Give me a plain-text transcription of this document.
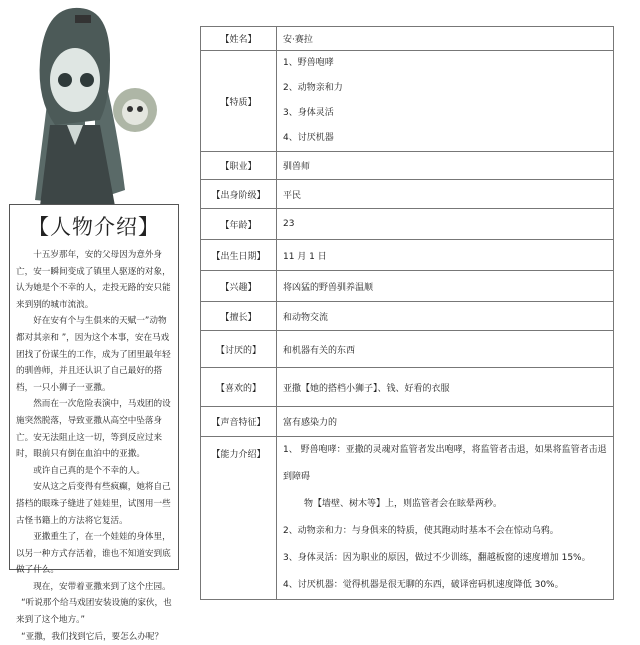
【人物介绍】

十五岁那年，安的父母因为意外身亡，安一瞬间变成了镇里人驱逐的对象，认为她是个不幸的人，走投无路的安只能来到别的城市流浪。

好在安有个与生俱来的天赋一”动物都对其亲和 ”，因为这个本事，安在马戏团找了份谋生的工作，成为了团里最年轻的驯兽师，并且还认识了自己最好的搭档，一只小狮子一亚撒。

然而在一次危险表演中，马戏团的设施突然脱落，导致亚撒从高空中坠落身亡。安无法阻止这一切，等到反应过来时，眼前只有倒在血泊中的亚撒。

或许自己真的是个不幸的人。

安从这之后变得有些疯癫，她将自己搭档的眼珠子缝进了娃娃里，试图用一些古怪书籍上的方法将它复活。

亚撒重生了，在一个娃娃的身体里，以另一种方式存活着，谁也不知道安到底做了什么。

现在，安带着亚撒来到了这个庄园。

“听说那个给马戏团安装设施的家伙，也来到了这个地方。”

“亚撒，我们找到它后，要怎么办呢？

【姓名】	安·赛拉
【特质】	1、野兽咆哮
2、动物亲和力
3、身体灵活
4、讨厌机器

【职业】	驯兽师
【出身阶级】	平民
【年龄】	23
【出生日期】	11 月 1 日
【兴趣】	将凶猛的野兽驯养温顺
【擅长】	和动物交流
【讨厌的】	和机器有关的东西
【喜欢的】	亚撒【她的搭档小狮子】、钱、好看的衣服
【声音特征】	富有感染力的
【能力介绍】	1、 野兽咆哮：亚撒的灵魂对监管者发出咆哮，将监管者击退，如果将监管者击退到障碍
物【墙壁、树木等】上，则监管者会在眩晕两秒。
2、动物亲和力：与身俱来的特质，使其跑动时基本不会在惊动乌鸦。
3、身体灵活：因为职业的原因，做过不少训练，翻越板窗的速度增加 15%。
4、讨厌机器：觉得机器是很无聊的东西，破译密码机速度降低 30%。
